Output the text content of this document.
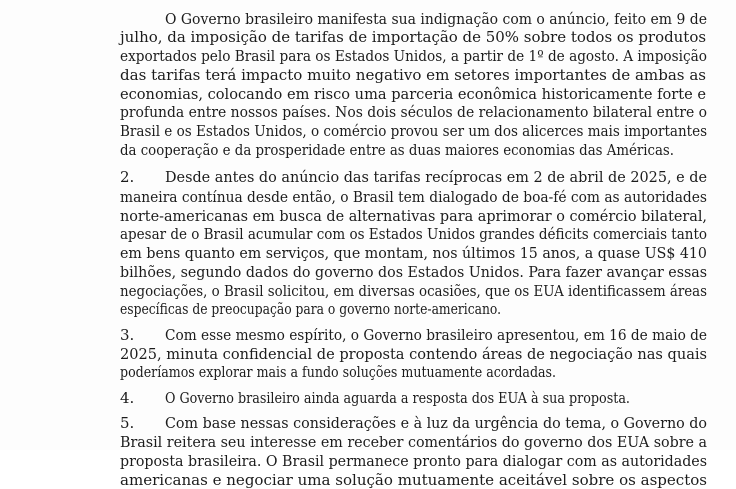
O Governo brasileiro manifesta sua indignação com o anúncio, feito em 9 de
julho, da imposição de tarifas de importação de 50% sobre todos os produtos
exportados pelo Brasil para os Estados Unidos, a partir de 1º de agosto. A imposição
das tarifas terá impacto muito negativo em setores importantes de ambas as
economias, colocando em risco uma parceria econômica historicamente forte e
profunda entre nossos países. Nos dois séculos de relacionamento bilateral entre o
Brasil e os Estados Unidos, o comércio provou ser um dos alicerces mais importantes
da cooperação e da prosperidade entre as duas maiores economias das Américas.
2. Desde antes do anúncio das tarifas recíprocas em 2 de abril de 2025, e de
maneira contínua desde então, o Brasil tem dialogado de boa-fé com as autoridades
norte-americanas em busca de alternativas para aprimorar o comércio bilateral,
apesar de o Brasil acumular com os Estados Unidos grandes déficits comerciais tanto
em bens quanto em serviços, que montam, nos últimos 15 anos, a quase US$ 410
bilhões, segundo dados do governo dos Estados Unidos. Para fazer avançar essas
negociações, o Brasil solicitou, em diversas ocasiões, que os EUA identificassem áreas
específicas de preocupação para o governo norte-americano.
3. Com esse mesmo espírito, o Governo brasileiro apresentou, em 16 de maio de
2025, minuta confidencial de proposta contendo áreas de negociação nas quais
poderíamos explorar mais a fundo soluções mutuamente acordadas.
4. O Governo brasileiro ainda aguarda a resposta dos EUA à sua proposta.
5. Com base nessas considerações e à luz da urgência do tema, o Governo do
Brasil reitera seu interesse em receber comentários do governo dos EUA sobre a
proposta brasileira. O Brasil permanece pronto para dialogar com as autoridades
americanas e negociar uma solução mutuamente aceitável sobre os aspectos
